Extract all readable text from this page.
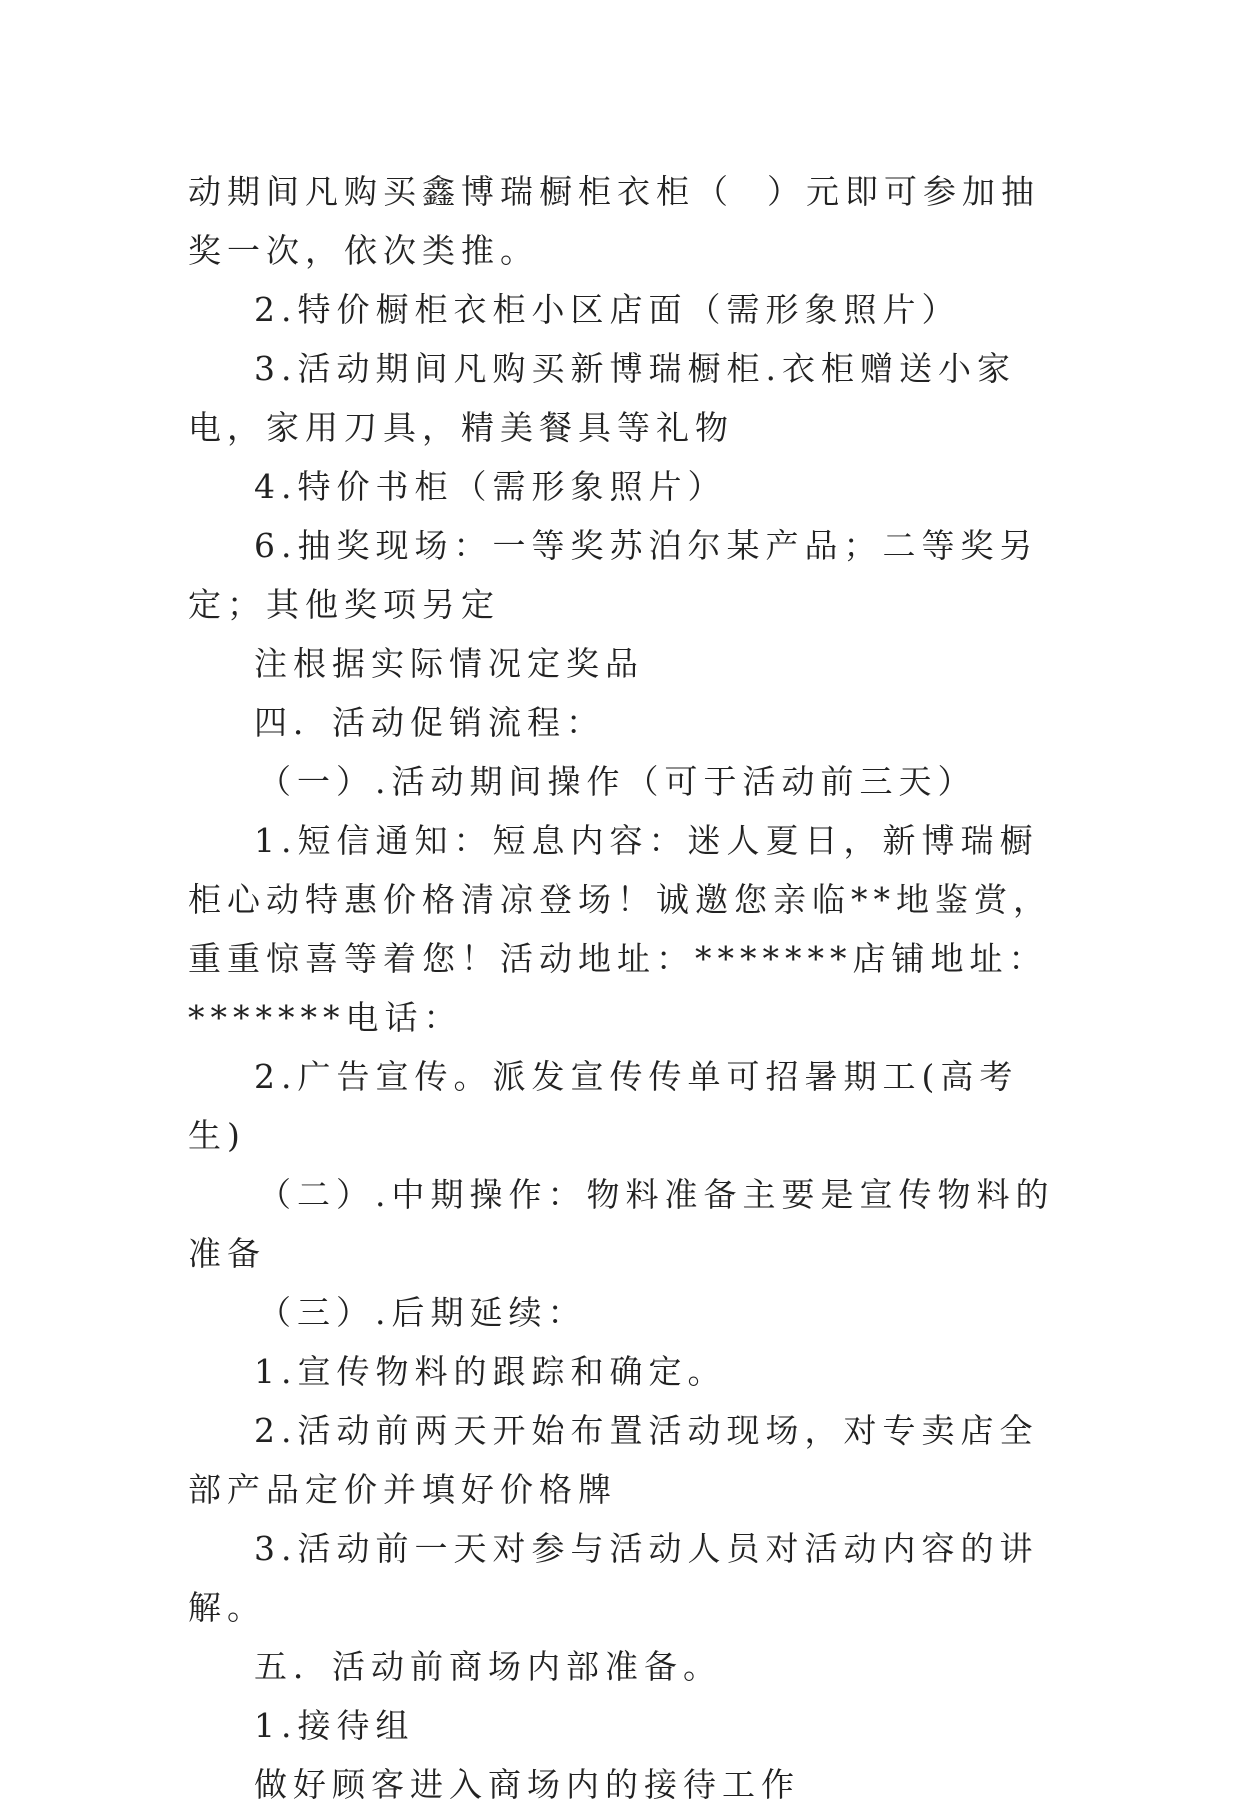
动期间凡购买鑫博瑞橱柜衣柜（  ）元即可参加抽奖一次，依次类推。

2.特价橱柜衣柜小区店面（需形象照片）

3.活动期间凡购买新博瑞橱柜.衣柜赠送小家电，家用刀具，精美餐具等礼物

4.特价书柜（需形象照片）

6.抽奖现场：一等奖苏泊尔某产品；二等奖另定；其他奖项另定

注根据实际情况定奖品

四．活动促销流程：

（一）.活动期间操作（可于活动前三天）

1.短信通知：短息内容：迷人夏日，新博瑞橱柜心动特惠价格清凉登场！诚邀您亲临**地鉴赏，重重惊喜等着您！活动地址：*******店铺地址：*******电话：

2.广告宣传。派发宣传传单可招暑期工(高考生)

（二）.中期操作：物料准备主要是宣传物料的准备

（三）.后期延续：

1.宣传物料的跟踪和确定。

2.活动前两天开始布置活动现场，对专卖店全部产品定价并填好价格牌

3.活动前一天对参与活动人员对活动内容的讲解。

五．活动前商场内部准备。

1.接待组

做好顾客进入商场内的接待工作
